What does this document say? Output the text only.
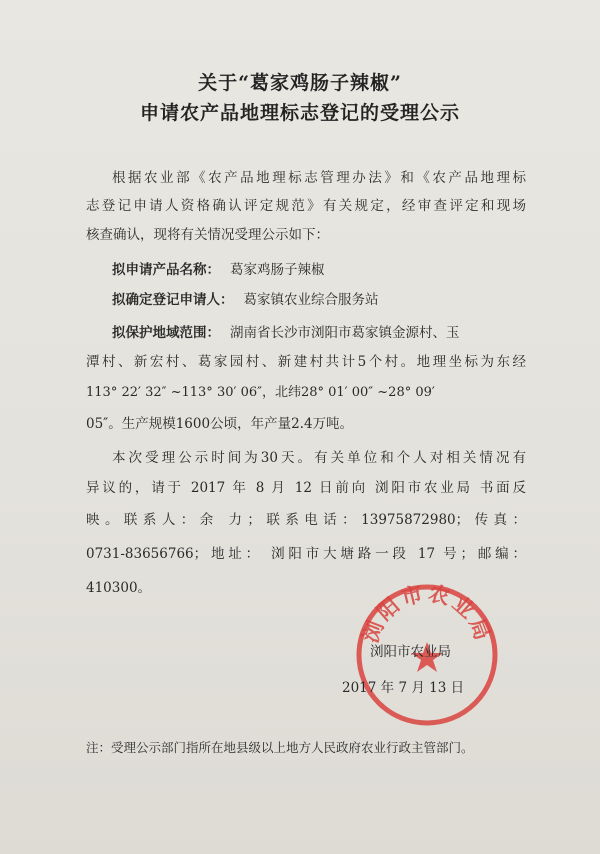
关于“葛家鸡肠子辣椒”
申请农产品地理标志登记的受理公示
根据农业部《农产品地理标志管理办法》和《农产品地理标
志登记申请人资格确认评定规范》有关规定，经审查评定和现场
核查确认，现将有关情况受理公示如下：
拟申请产品名称： 葛家鸡肠子辣椒
拟确定登记申请人： 葛家镇农业综合服务站
拟保护地域范围： 湖南省长沙市浏阳市葛家镇金源村、玉
潭村、新宏村、葛家园村、新建村共计5个村。地理坐标为东经
113° 22′ 32″ ~113° 30′ 06″，北纬28° 01′ 00″ ~28° 09′
05″。生产规模1600公顷，年产量2.4万吨。
本次受理公示时间为30天。有关单位和个人对相关情况有
异议的，请于 2017 年 8 月 12 日前向 浏阳市农业局 书面反
映。联系人：余 力；联系电话：13975872980；传真：
0731-83656766；地址： 浏阳市大塘路一段 17 号；邮编：
410300。
浏阳市农业局
浏阳市农业局
2017 年 7 月 13 日
注：受理公示部门指所在地县级以上地方人民政府农业行政主管部门。
